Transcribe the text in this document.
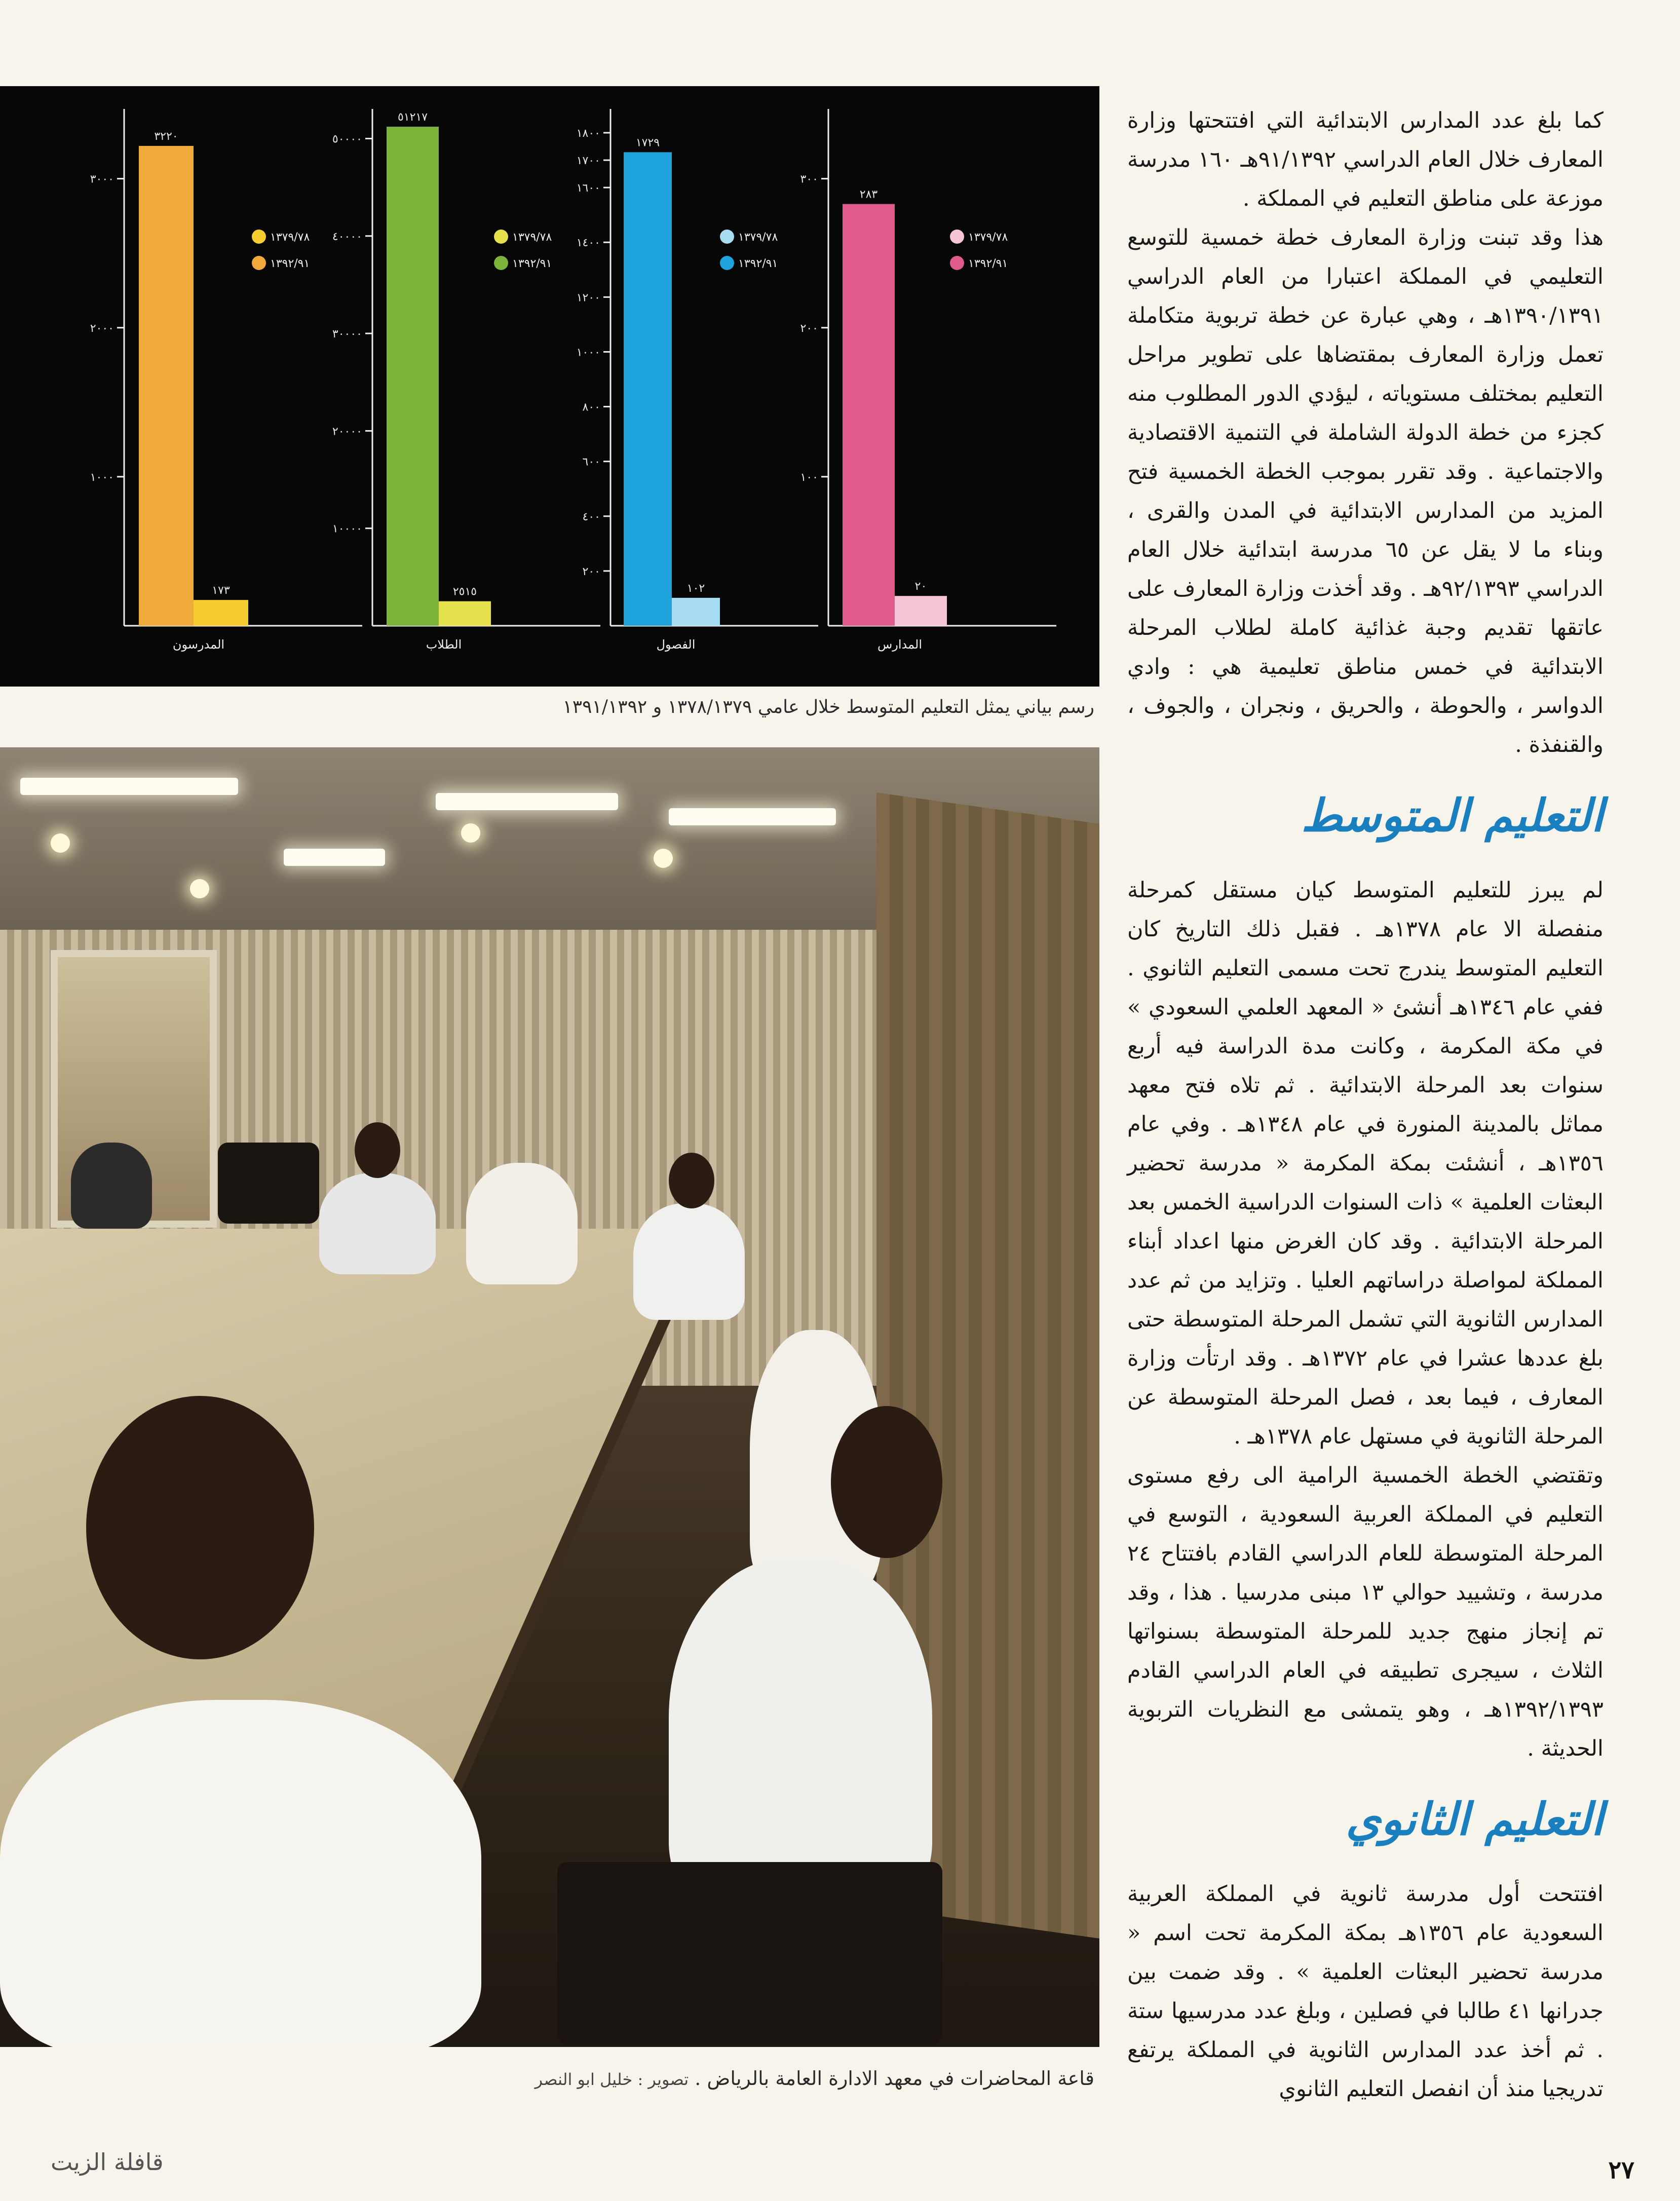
١٠٠
٢٠٠
٣٠٠
٢٠
٢٨٣
المدارس
١٣٧٩/٧٨
١٣٩٢/٩١
٢٠٠
٤٠٠
٦٠٠
٨٠٠
١٠٠٠
١٢٠٠
١٤٠٠
١٦٠٠
١٧٠٠
١٨٠٠
١٠٢
١٧٢٩
الفصول
١٣٧٩/٧٨
١٣٩٢/٩١
١٠٠٠٠
٢٠٠٠٠
٣٠٠٠٠
٤٠٠٠٠
٥٠٠٠٠
٢٥١٥
٥١٢١٧
الطلاب
١٣٧٩/٧٨
١٣٩٢/٩١
١٠٠٠
٢٠٠٠
٣٠٠٠
١٧٣
٣٢٢٠
المدرسون
١٣٧٩/٧٨
١٣٩٢/٩١
رسم بياني يمثل التعليم المتوسط خلال عامي ١٣٧٨/١٣٧٩ و ١٣٩١/١٣٩٢
قاعة المحاضرات في معهد الادارة العامة بالرياض . تصوير : خليل ابو النصر

كما بلغ عدد المدارس الابتدائية التي افتتحتها وزارة المعارف خلال العام الدراسي ٩١/١٣٩٢هـ ١٦٠ مدرسة موزعة على مناطق التعليم في المملكة .

هذا وقد تبنت وزارة المعارف خطة خمسية للتوسع التعليمي في المملكة اعتبارا من العام الدراسي ١٣٩٠/١٣٩١هـ ، وهي عبارة عن خطة تربوية متكاملة تعمل وزارة المعارف بمقتضاها على تطوير مراحل التعليم بمختلف مستوياته ، ليؤدي الدور المطلوب منه كجزء من خطة الدولة الشاملة في التنمية الاقتصادية والاجتماعية . وقد تقرر بموجب الخطة الخمسية فتح المزيد من المدارس الابتدائية في المدن والقرى ، وبناء ما لا يقل عن ٦٥ مدرسة ابتدائية خلال العام الدراسي ٩٢/١٣٩٣هـ . وقد أخذت وزارة المعارف على عاتقها تقديم وجبة غذائية كاملة لطلاب المرحلة الابتدائية في خمس مناطق تعليمية هي : وادي الدواسر ، والحوطة ، والحريق ، ونجران ، والجوف ، والقنفذة .

التعليم المتوسط

لم يبرز للتعليم المتوسط كيان مستقل كمرحلة منفصلة الا عام ١٣٧٨هـ . فقبل ذلك التاريخ كان التعليم المتوسط يندرج تحت مسمى التعليم الثانوي . ففي عام ١٣٤٦هـ أنشئ « المعهد العلمي السعودي » في مكة المكرمة ، وكانت مدة الدراسة فيه أربع سنوات بعد المرحلة الابتدائية . ثم تلاه فتح معهد مماثل بالمدينة المنورة في عام ١٣٤٨هـ . وفي عام ١٣٥٦هـ ، أنشئت بمكة المكرمة « مدرسة تحضير البعثات العلمية » ذات السنوات الدراسية الخمس بعد المرحلة الابتدائية . وقد كان الغرض منها اعداد أبناء المملكة لمواصلة دراساتهم العليا . وتزايد من ثم عدد المدارس الثانوية التي تشمل المرحلة المتوسطة حتى بلغ عددها عشرا في عام ١٣٧٢هـ . وقد ارتأت وزارة المعارف ، فيما بعد ، فصل المرحلة المتوسطة عن المرحلة الثانوية في مستهل عام ١٣٧٨هـ .

وتقتضي الخطة الخمسية الرامية الى رفع مستوى التعليم في المملكة العربية السعودية ، التوسع في المرحلة المتوسطة للعام الدراسي القادم بافتتاح ٢٤ مدرسة ، وتشييد حوالي ١٣ مبنى مدرسيا . هذا ، وقد تم إنجاز منهج جديد للمرحلة المتوسطة بسنواتها الثلاث ، سيجرى تطبيقه في العام الدراسي القادم ١٣٩٢/١٣٩٣هـ ، وهو يتمشى مع النظريات التربوية الحديثة .

التعليم الثانوي

افتتحت أول مدرسة ثانوية في المملكة العربية السعودية عام ١٣٥٦هـ بمكة المكرمة تحت اسم « مدرسة تحضير البعثات العلمية » . وقد ضمت بين جدرانها ٤١ طالبا في فصلين ، وبلغ عدد مدرسيها ستة . ثم أخذ عدد المدارس الثانوية في المملكة يرتفع تدريجيا منذ أن انفصل التعليم الثانوي

٢٧
قافلة الزيت
